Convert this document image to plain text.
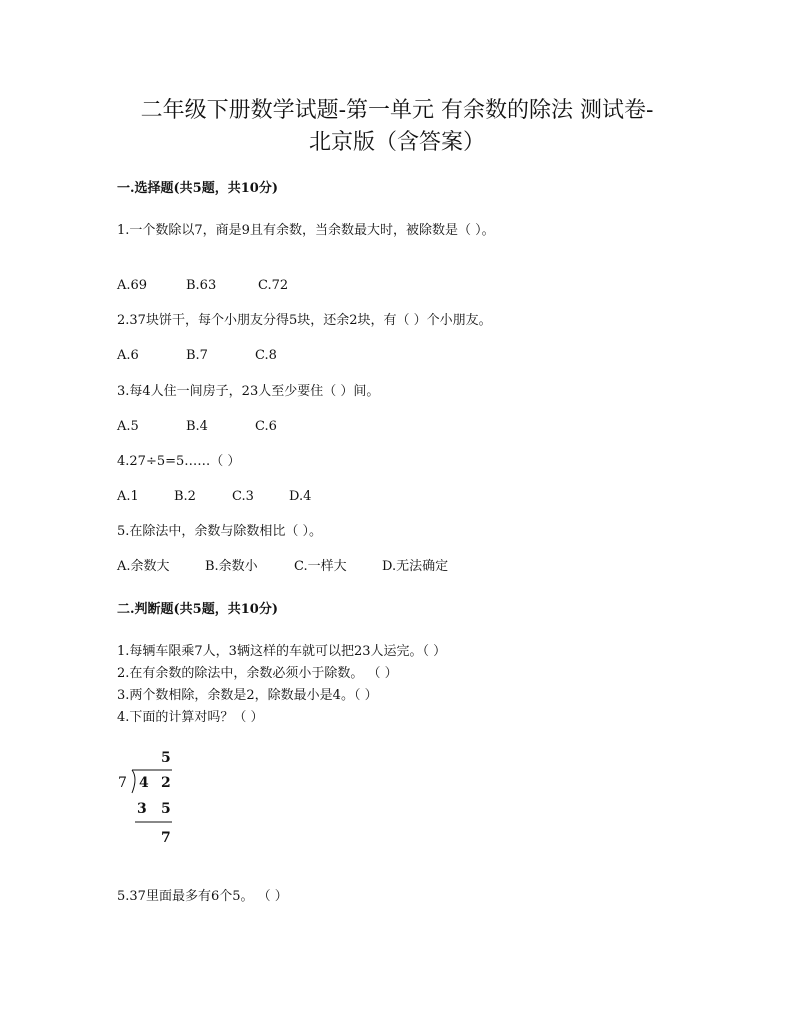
二年级下册数学试题-第一单元 有余数的除法 测试卷-
北京版（含答案）
一.选择题(共5题，共10分)
1.一个数除以7，商是9且有余数，当余数最大时，被除数是（ ）。
A.69	B.63	C.72
2.37块饼干，每个小朋友分得5块，还余2块，有（ ）个小朋友。
A.6	B.7	C.8
3.每4人住一间房子，23人至少要住（ ）间。
A.5	B.4	C.6
4.27÷5=5……（ ）
A.1	B.2	C.3	D.4
5.在除法中，余数与除数相比（ ）。
A.余数大	B.余数小	C.一样大	D.无法确定
二.判断题(共5题，共10分)
1.每辆车限乘7人，3辆这样的车就可以把23人运完。（ ）
2.在有余数的除法中，余数必须小于除数。 （ ）
3.两个数相除，余数是2，除数最小是4。（ ）
4.下面的计算对吗？（ ）
5
7 4 2
3 5
7
5.37里面最多有6个5。 （ ）
